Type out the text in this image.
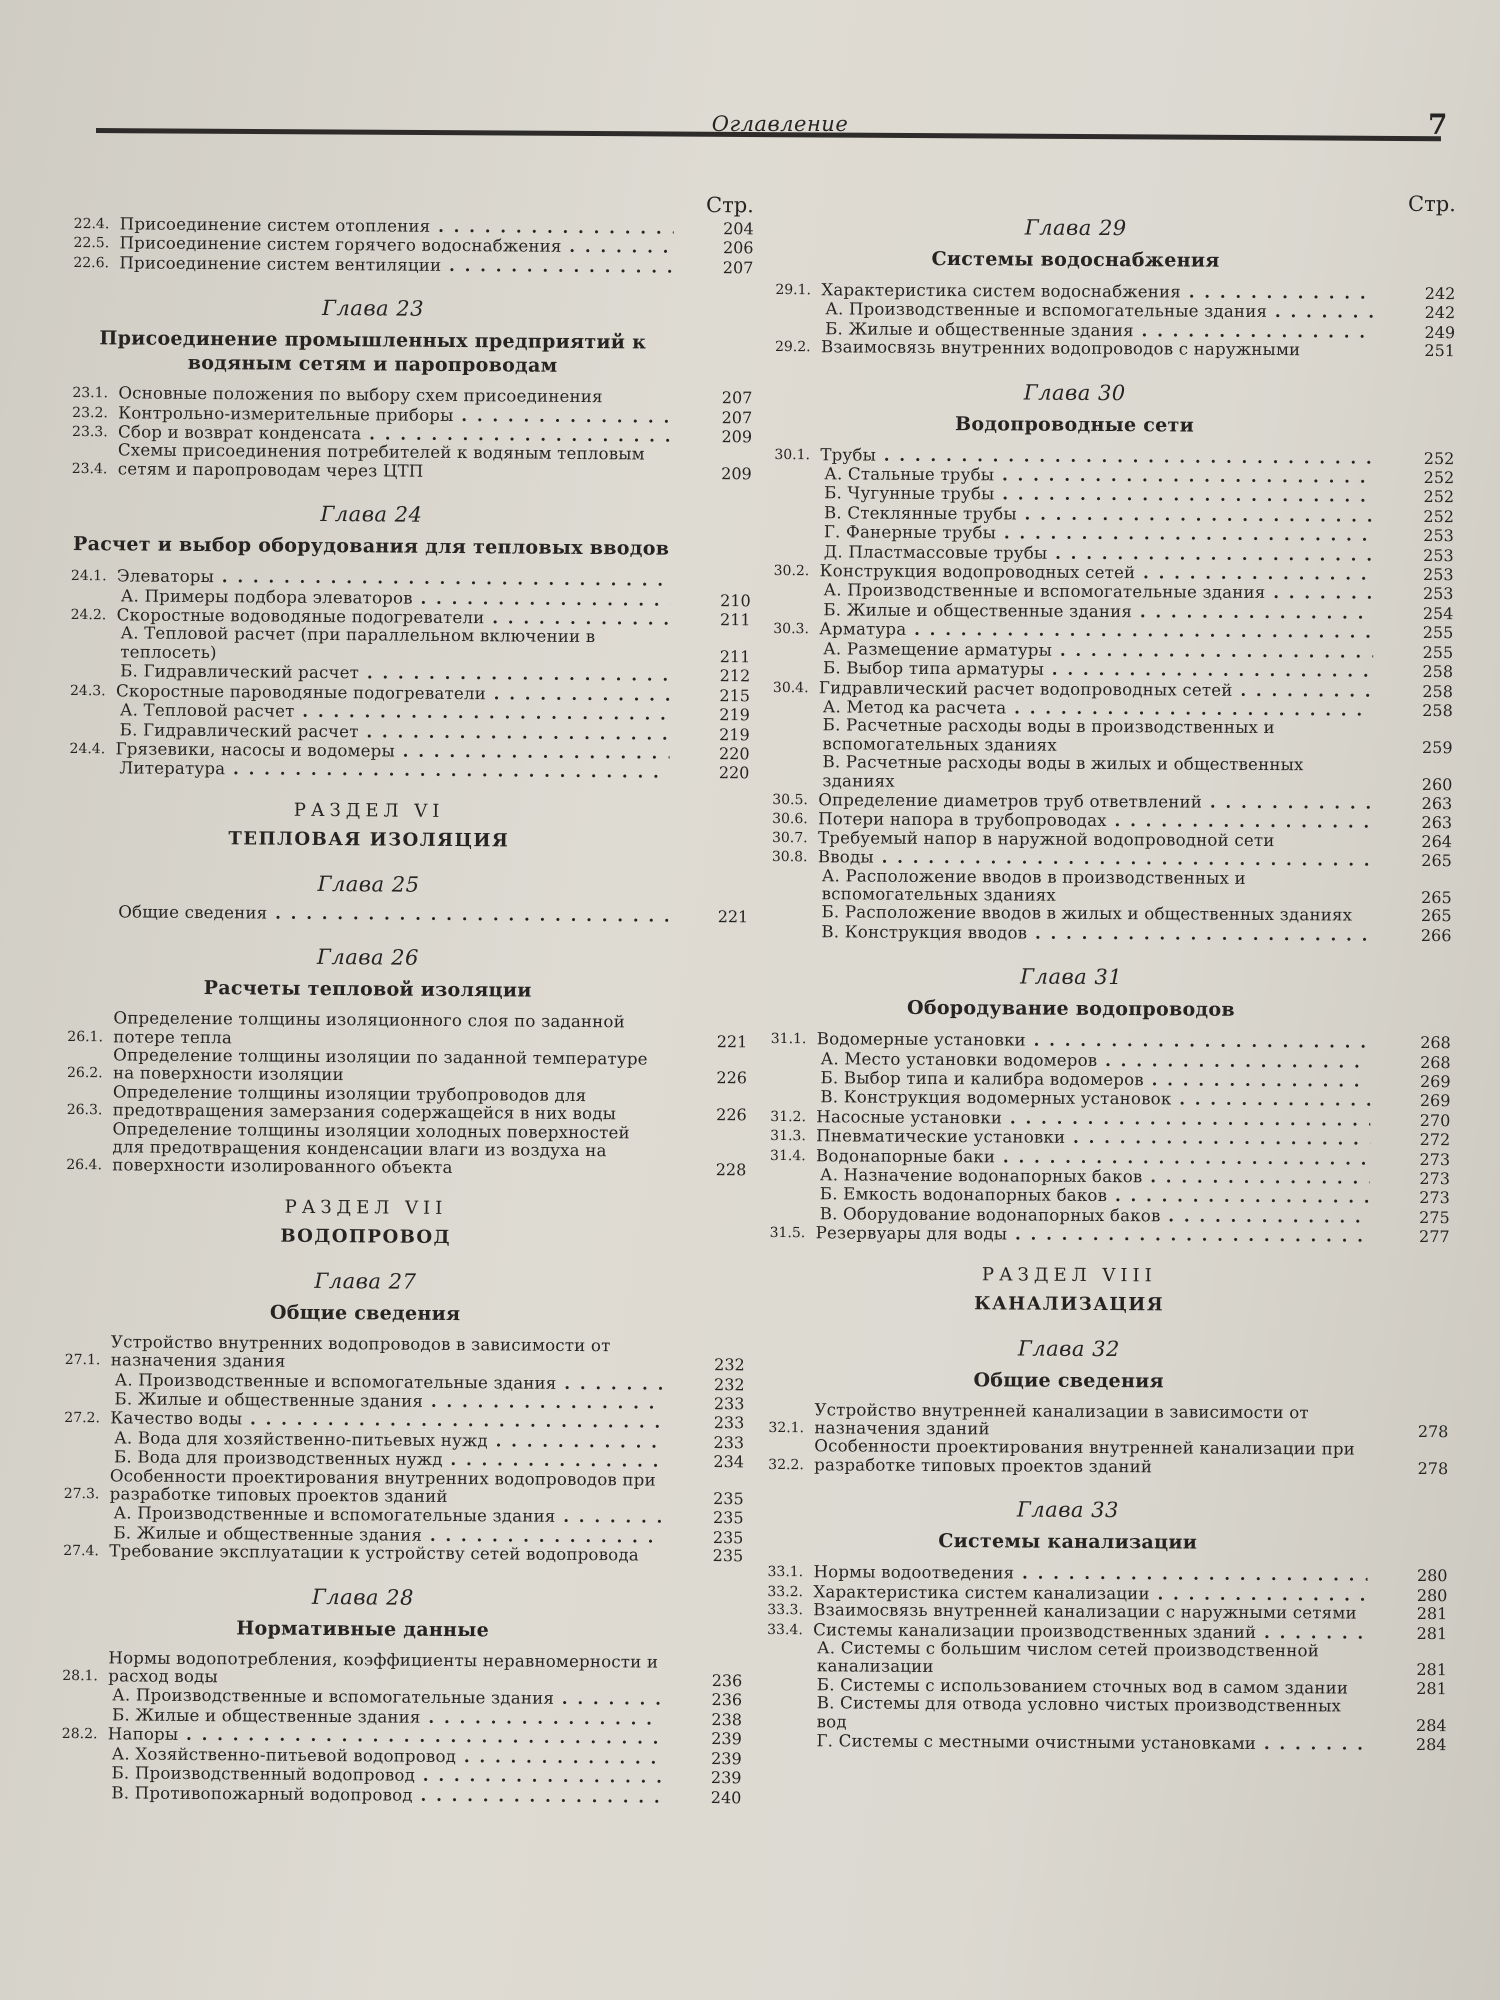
Оглавление	7
Стр.
22.4. Присоединение систем отопления . . .	204
22.5. Присоединение систем горячего водоснабжения . . .	206
22.6. Присоединение систем вентиляции . . .	207
Глава 23
Присоединение промышленных предприятий к водяным сетям и паропроводам
23.1. Основные положения по выбору схем присоединения	207
23.2. Контрольно-измерительные приборы . . .	207
23.3. Сбор и возврат конденсата . . .	209
23.4.
Схемы присоединения потребителей к водяным тепловым сетям и паропроводам через ЦТП	209
Глава 24
Расчет и выбор оборудования для тепловых вводов
24.1. Элеваторы . . .
А. Примеры подбора элеваторов . . .	210
24.2. Скоростные водоводяные подогреватели . . .	211
А. Тепловой расчет (при параллельном включении в теплосеть)	211
Б. Гидравлический расчет . . .	212
24.3. Скоростные пароводяные подогреватели . . .	215
А. Тепловой расчет . . .	219
Б. Гидравлический расчет . . .	219
24.4. Грязевики, насосы и водомеры . . .	220
Литература . . .	220
РАЗДЕЛ VI
ТЕПЛОВАЯ ИЗОЛЯЦИЯ
Глава 25
Общие сведения . . .	221
Глава 26
Расчеты тепловой изоляции
26.1.
Определение толщины изоляционного слоя по заданной потере тепла	221
26.2.
Определение толщины изоляции по заданной температуре на поверхности изоляции	226
26.3.
Определение толщины изоляции трубопроводов для предотвращения замерзания содержащейся в них воды	226
26.4.
Определение толщины изоляции холодных поверхностей для предотвращения конденсации влаги из воздуха на поверхности изолированного объекта	228
РАЗДЕЛ VII
ВОДОПРОВОД
Глава 27
Общие сведения
27.1.
Устройство внутренних водопроводов в зависимости от назначения здания	232
А. Производственные и вспомогательные здания . . .	232
Б. Жилые и общественные здания . . .	233
27.2. Качество воды . . .	233
А. Вода для хозяйственно-питьевых нужд . . .	233
Б. Вода для производственных нужд . . .	234
27.3.
Особенности проектирования внутренних водопроводов при разработке типовых проектов зданий	235
А. Производственные и вспомогательные здания . . .	235
Б. Жилые и общественные здания . . .	235
27.4. Требование эксплуатации к устройству сетей водопровода	235
Глава 28
Нормативные данные
28.1.
Нормы водопотребления, коэффициенты неравномерности и расход воды	236
А. Производственные и вспомогательные здания . . .	236
Б. Жилые и общественные здания . . .	238
28.2. Напоры . . .	239
А. Хозяйственно-питьевой водопровод . . .	239
Б. Производственный водопровод . . .	239
В. Противопожарный водопровод . . .	240
Стр.
Глава 29
Системы водоснабжения
29.1. Характеристика систем водоснабжения . . .	242
А. Производственные и вспомогательные здания . . .	242
Б. Жилые и общественные здания . . .	249
29.2. Взаимосвязь внутренних водопроводов с наружными	251
Глава 30
Водопроводные сети
30.1. Трубы . . .	252
А. Стальные трубы . . .	252
Б. Чугунные трубы . . .	252
В. Стеклянные трубы . . .	252
Г. Фанерные трубы . . .	253
Д. Пластмассовые трубы . . .	253
30.2. Конструкция водопроводных сетей . . .	253
А. Производственные и вспомогательные здания . . .	253
Б. Жилые и общественные здания . . .	254
30.3. Арматура . . .	255
А. Размещение арматуры . . .	255
Б. Выбор типа арматуры . . .	258
30.4. Гидравлический расчет водопроводных сетей . . .	258
А. Метод ка расчета . . .	258
Б. Расчетные расходы воды в производственных и вспомогательных зданиях	259
В. Расчетные расходы воды в жилых и общественных зданиях	260
30.5. Определение диаметров труб ответвлений . . .	263
30.6. Потери напора в трубопроводах . . .	263
30.7. Требуемый напор в наружной водопроводной сети	264
30.8. Вводы . . .	265
А. Расположение вводов в производственных и вспомогательных зданиях	265
Б. Расположение вводов в жилых и общественных зданиях	265
В. Конструкция вводов . . .	266
Глава 31
Обородувание водопроводов
31.1. Водомерные установки . . .	268
А. Место установки водомеров . . .	268
Б. Выбор типа и калибра водомеров . . .	269
В. Конструкция водомерных установок . . .	269
31.2. Насосные установки . . .	270
31.3. Пневматические установки . . .	272
31.4. Водонапорные баки . . .	273
А. Назначение водонапорных баков . . .	273
Б. Емкость водонапорных баков . . .	273
В. Оборудование водонапорных баков . . .	275
31.5. Резервуары для воды . . .	277
РАЗДЕЛ VIII
КАНАЛИЗАЦИЯ
Глава 32
Общие сведения
32.1.
Устройство внутренней канализации в зависимости от назначения зданий	278
32.2.
Особенности проектирования внутренней канализации при разработке типовых проектов зданий	278
Глава 33
Системы канализации
33.1. Нормы водоотведения . . .	280
33.2. Характеристика систем канализации . . .	280
33.3. Взаимосвязь внутренней канализации с наружными сетями	281
33.4. Системы канализации производственных зданий . . .	281
А. Системы с большим числом сетей производственной канализации	281
Б. Системы с использованием сточных вод в самом здании	281
В. Системы для отвода условно чистых производственных вод	284
Г. Системы с местными очистными установками . . .	284
